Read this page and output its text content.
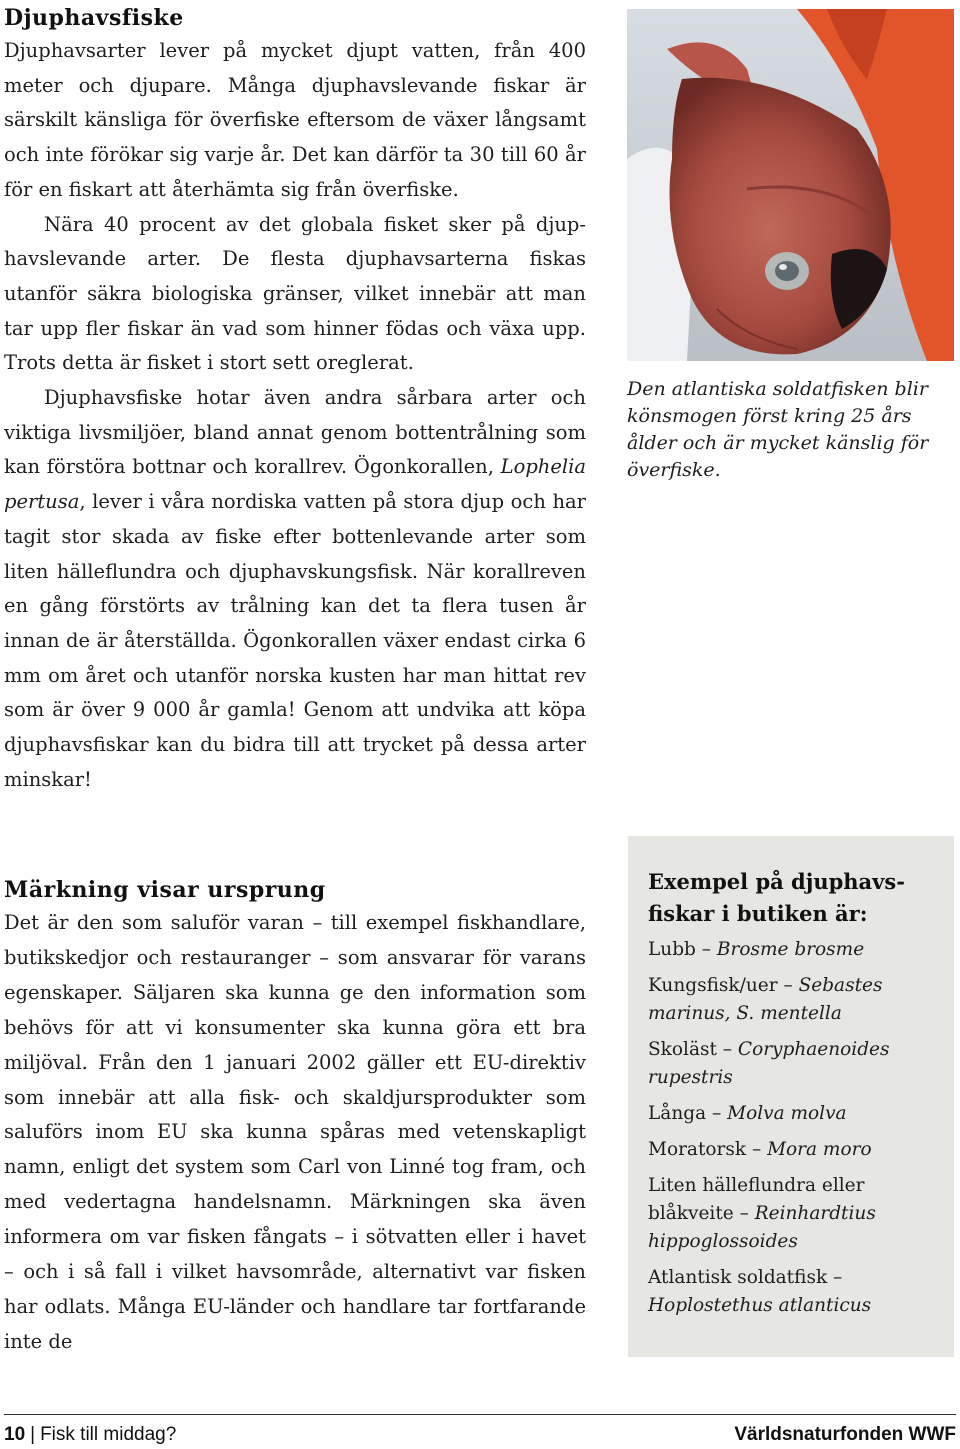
Djuphavsfiske

Djuphavsarter lever på mycket djupt vatten, från 400 meter och djupare. Många djuphavslevande fiskar är särskilt känsliga för överfiske eftersom de växer långsamt och inte förökar sig varje år. Det kan därför ta 30 till 60 år för en fiskart att återhämta sig från överfiske.

Nära 40 procent av det globala fisket sker på djuphavslevande arter. De flesta djuphavsarterna fiskas utanför säkra biologiska gränser, vilket innebär att man tar upp fler fiskar än vad som hinner födas och växa upp. Trots detta är fisket i stort sett oreglerat.

Djuphavsfiske hotar även andra sårbara arter och viktiga livsmiljöer, bland annat genom bottentrålning som kan förstöra bottnar och korallrev. Ögonkorallen, Lophelia pertusa, lever i våra nordiska vatten på stora djup och har tagit stor skada av fiske efter bottenlevande arter som liten hälleflundra och djuphavskungsfisk. När korallreven en gång förstörts av trålning kan det ta flera tusen år innan de är återställda. Ögonkorallen växer endast cirka 6 mm om året och utanför norska kusten har man hittat rev som är över 9 000 år gamla! Genom att undvika att köpa djuphavsfiskar kan du bidra till att trycket på dessa arter minskar!

Märkning visar ursprung

Det är den som saluför varan – till exempel fiskhandlare, butikskedjor och restauranger – som ansvarar för varans egenskaper. Säljaren ska kunna ge den information som behövs för att vi konsumenter ska kunna göra ett bra miljöval. Från den 1 januari 2002 gäller ett EU-direktiv som innebär att alla fisk- och skaldjursprodukter som saluförs inom EU ska kunna spåras med vetenskapligt namn, enligt det system som Carl von Linné tog fram, och med vedertagna handelsnamn. Märkningen ska även informera om var fisken fångats – i sötvatten eller i havet – och i så fall i vilket havsområde, alternativt var fisken har odlats. Många EU-länder och handlare tar fortfarande inte de

Den atlantiska soldatfisken blir könsmogen först kring 25 års ålder och är mycket känslig för överfiske.
Exempel på djuphavsfiskar i butiken är:
Lubb – Brosme brosme
Kungsfisk/uer – Sebastes marinus, S. mentella
Skoläst – Coryphaenoides rupestris
Långa – Molva molva
Moratorsk – Mora moro
Liten hälleflundra eller blåkveite – Reinhardtius hippoglossoides
Atlantisk soldatfisk – Hoplostethus atlanticus
10 | Fisk till middag?	Världsnaturfonden WWF
